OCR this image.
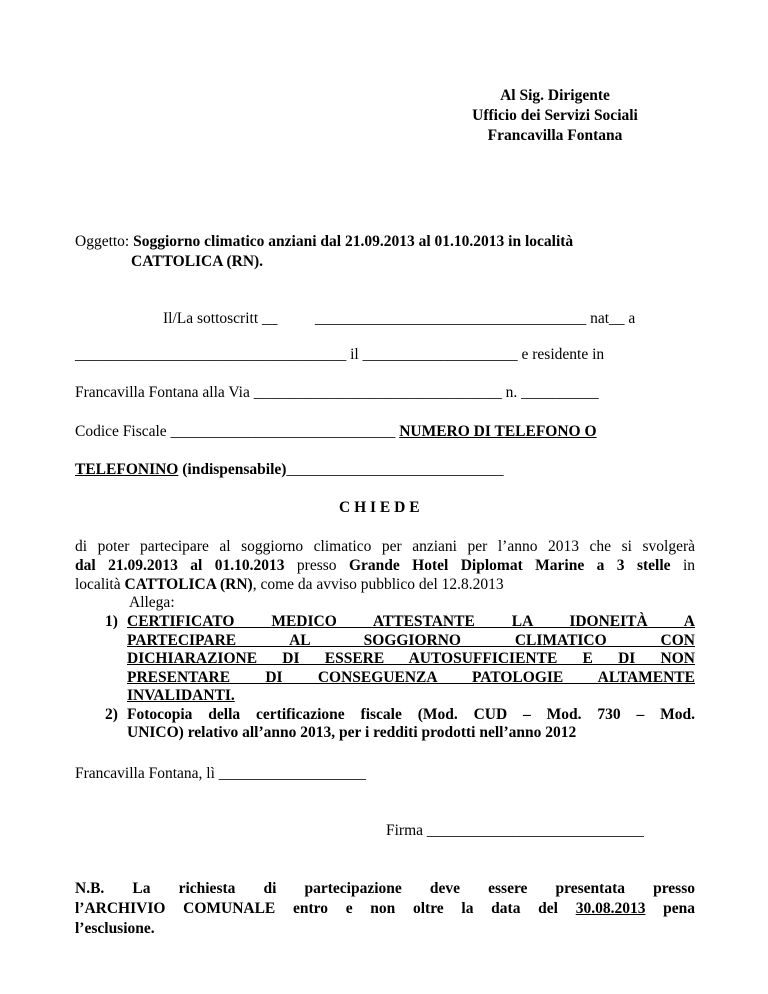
Al Sig. Dirigente
Ufficio dei Servizi Sociali
Francavilla Fontana
Oggetto: Soggiorno climatico anziani dal 21.09.2013 al 01.10.2013 in località
CATTOLICA (RN).
Il/La sottoscritt __ ___________________________________ nat__ a
___________________________________ il ____________________ e residente in
Francavilla Fontana alla Via ________________________________ n. __________
Codice Fiscale _____________________________ NUMERO DI TELEFONO O
TELEFONINO (indispensabile)____________________________
C H I E D E
di poter partecipare al soggiorno climatico per anziani per l’anno 2013 che si svolgerà
dal 21.09.2013 al 01.10.2013 presso Grande Hotel Diplomat Marine a 3 stelle in
località CATTOLICA (RN), come da avviso pubblico del 12.8.2013
Allega:
1) CERTIFICATO MEDICO ATTESTANTE LA IDONEITÀ A
PARTECIPARE AL SOGGIORNO CLIMATICO CON
DICHIARAZIONE DI ESSERE AUTOSUFFICIENTE E DI NON
PRESENTARE DI CONSEGUENZA PATOLOGIE ALTAMENTE
INVALIDANTI.
2) Fotocopia della certificazione fiscale (Mod. CUD – Mod. 730 – Mod.
UNICO) relativo all’anno 2013, per i redditi prodotti nell’anno 2012
Francavilla Fontana, lì ___________________
Firma ____________________________
N.B. La richiesta di partecipazione deve essere presentata presso
l’ARCHIVIO COMUNALE entro e non oltre la data del 30.08.2013 pena
l’esclusione.
